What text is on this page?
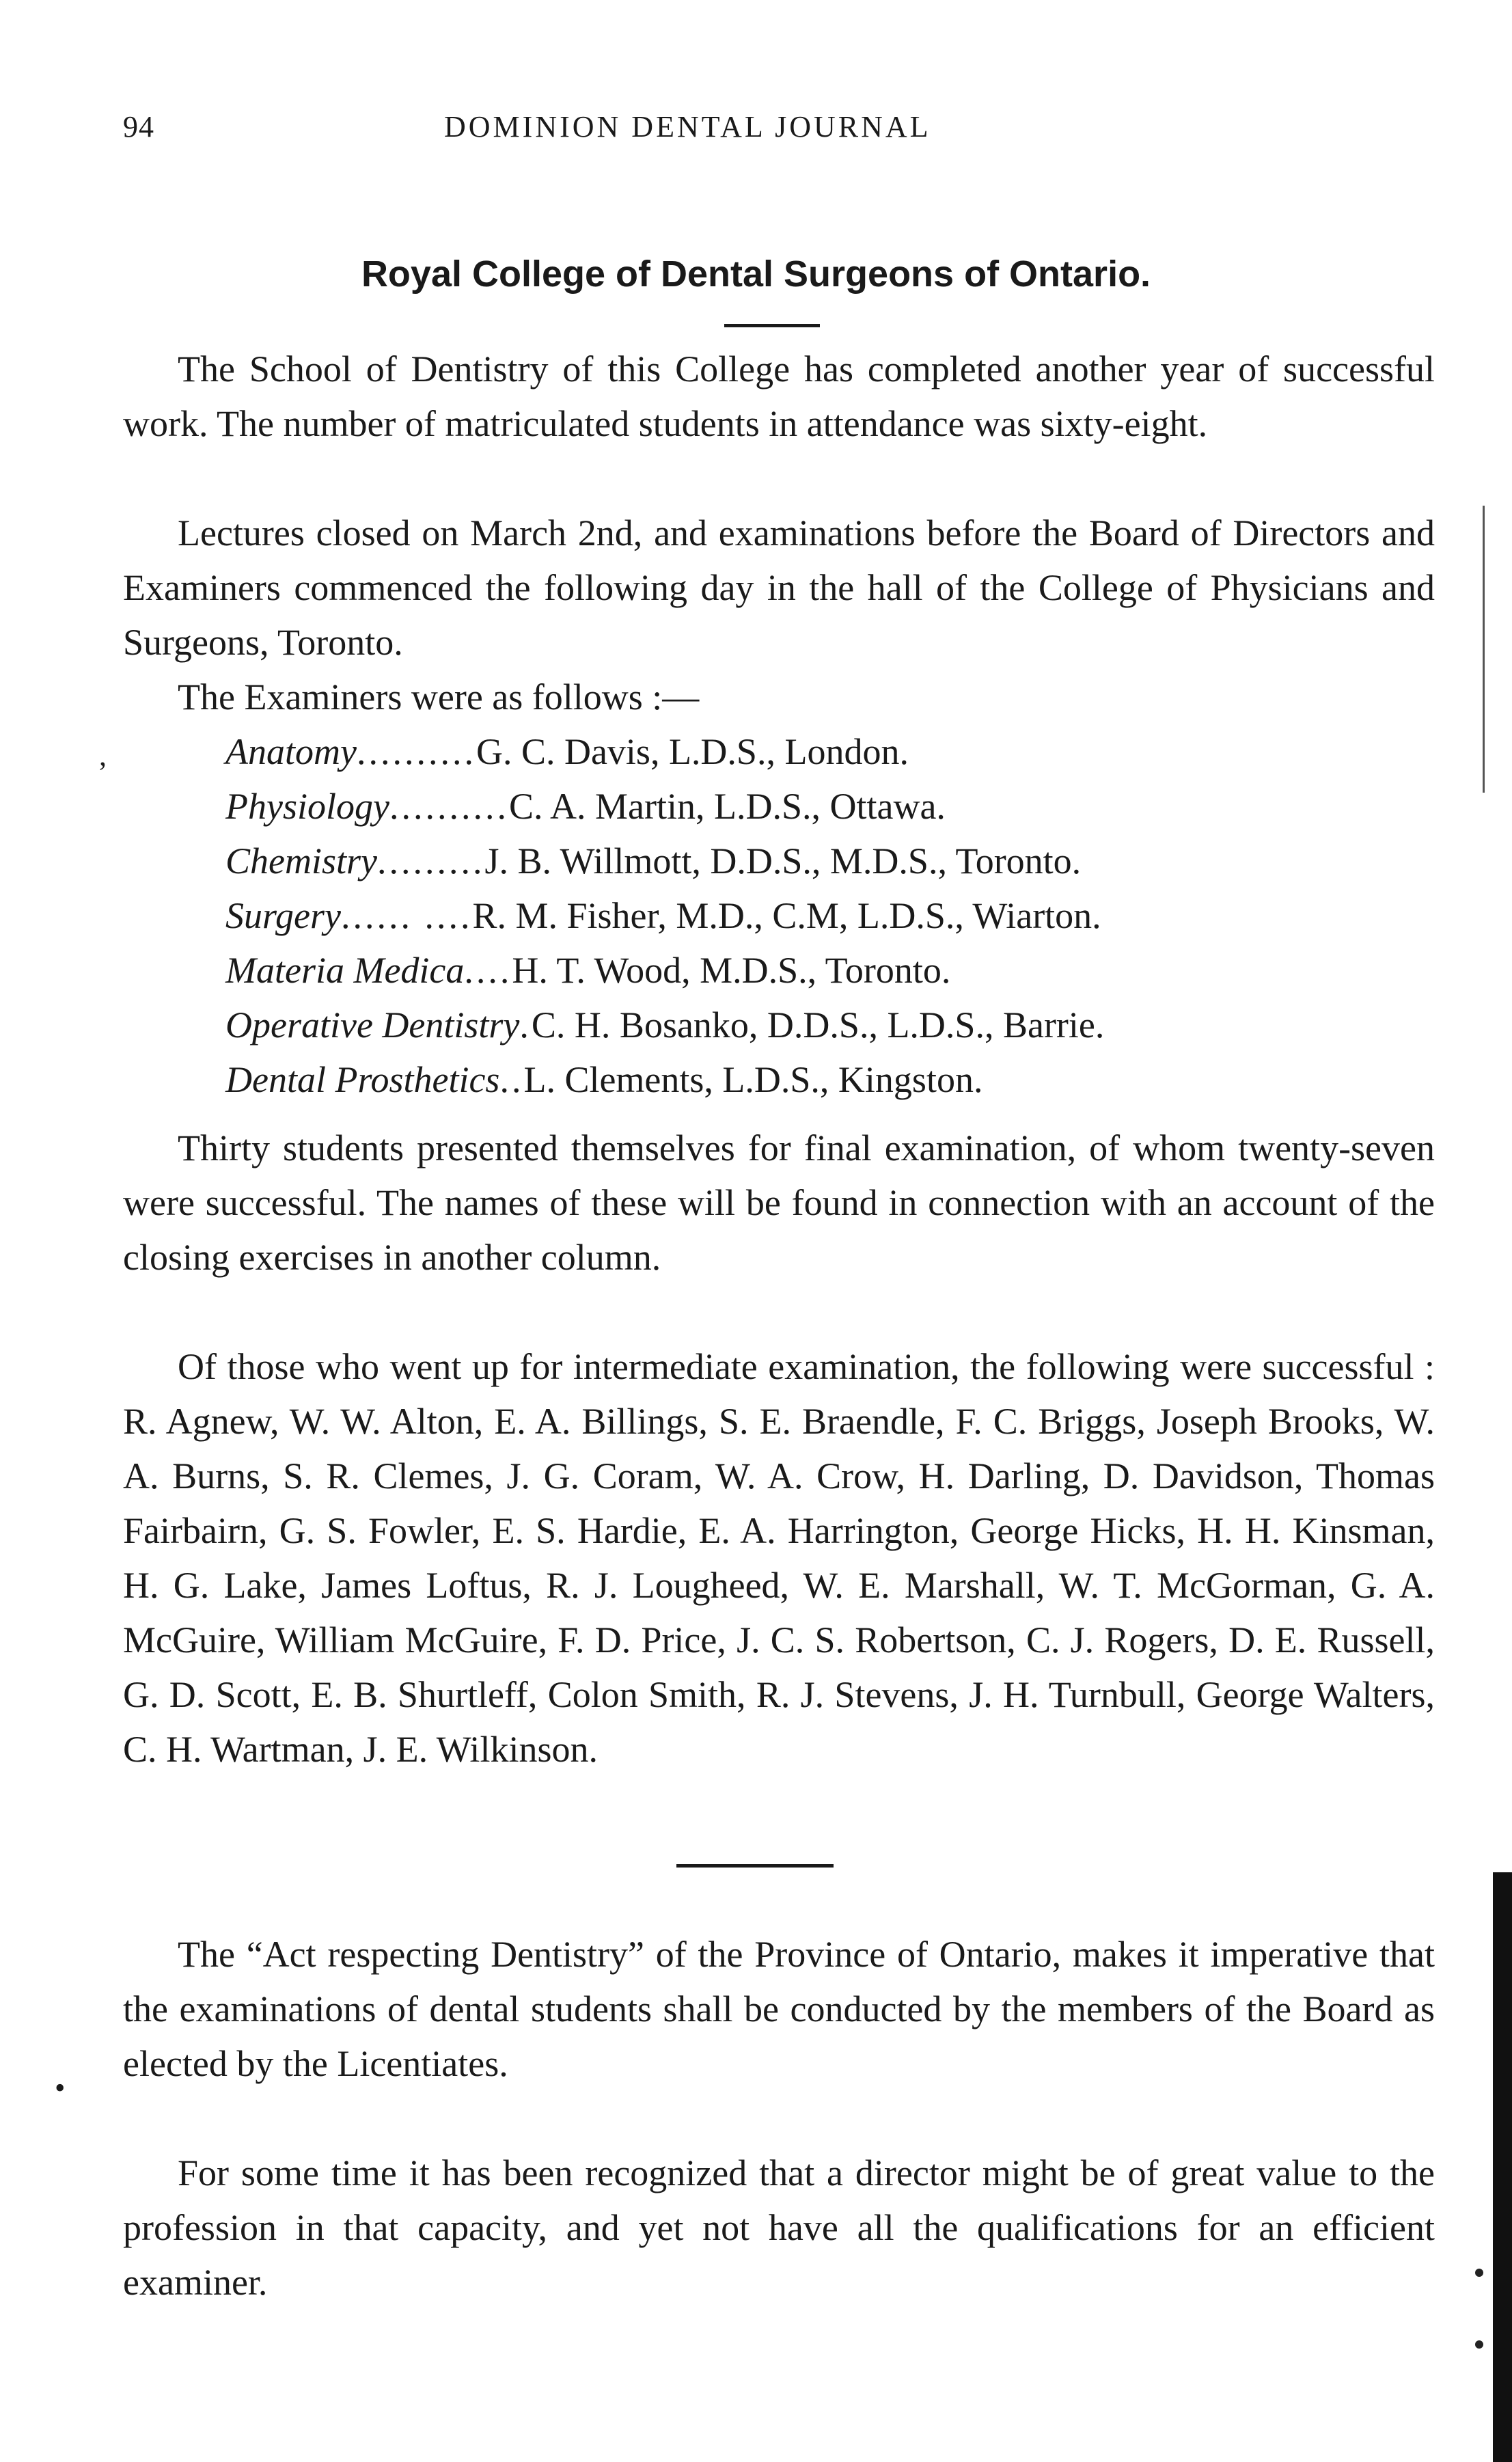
94	DOMINION DENTAL JOURNAL
Royal College of Dental Surgeons of Ontario.
The School of Dentistry of this College has completed another year of successful work. The number of matriculated students in attendance was sixty-eight.
Lectures closed on March 2nd, and examinations before the Board of Directors and Examiners commenced the following day in the hall of the College of Physicians and Surgeons, Toronto.
The Examiners were as follows :—
Anatomy .......... G. C. Davis, L.D.S., London.
Physiology .......... C. A. Martin, L.D.S., Ottawa.
Chemistry ......... J. B. Willmott, D.D.S., M.D.S., Toronto.
Surgery ...... .... R. M. Fisher, M.D., C.M, L.D.S., Wiarton.
Materia Medica .... H. T. Wood, M.D.S., Toronto.
Operative Dentistry . C. H. Bosanko, D.D.S., L.D.S., Barrie.
Dental Prosthetics .. L. Clements, L.D.S., Kingston.
Thirty students presented themselves for final examination, of whom twenty-seven were successful. The names of these will be found in connection with an account of the closing exercises in another column.
Of those who went up for intermediate examination, the following were successful : R. Agnew, W. W. Alton, E. A. Billings, S. E. Braendle, F. C. Briggs, Joseph Brooks, W. A. Burns, S. R. Clemes, J. G. Coram, W. A. Crow, H. Darling, D. Davidson, Thomas Fairbairn, G. S. Fowler, E. S. Hardie, E. A. Harrington, George Hicks, H. H. Kinsman, H. G. Lake, James Loftus, R. J. Lougheed, W. E. Marshall, W. T. McGorman, G. A. McGuire, William McGuire, F. D. Price, J. C. S. Robertson, C. J. Rogers, D. E. Russell, G. D. Scott, E. B. Shurtleff, Colon Smith, R. J. Stevens, J. H. Turnbull, George Walters, C. H. Wartman, J. E. Wilkinson.
The “Act respecting Dentistry” of the Province of Ontario, makes it imperative that the examinations of dental students shall be conducted by the members of the Board as elected by the Licentiates.
For some time it has been recognized that a director might be of great value to the profession in that capacity, and yet not have all the qualifications for an efficient examiner.
,
•
